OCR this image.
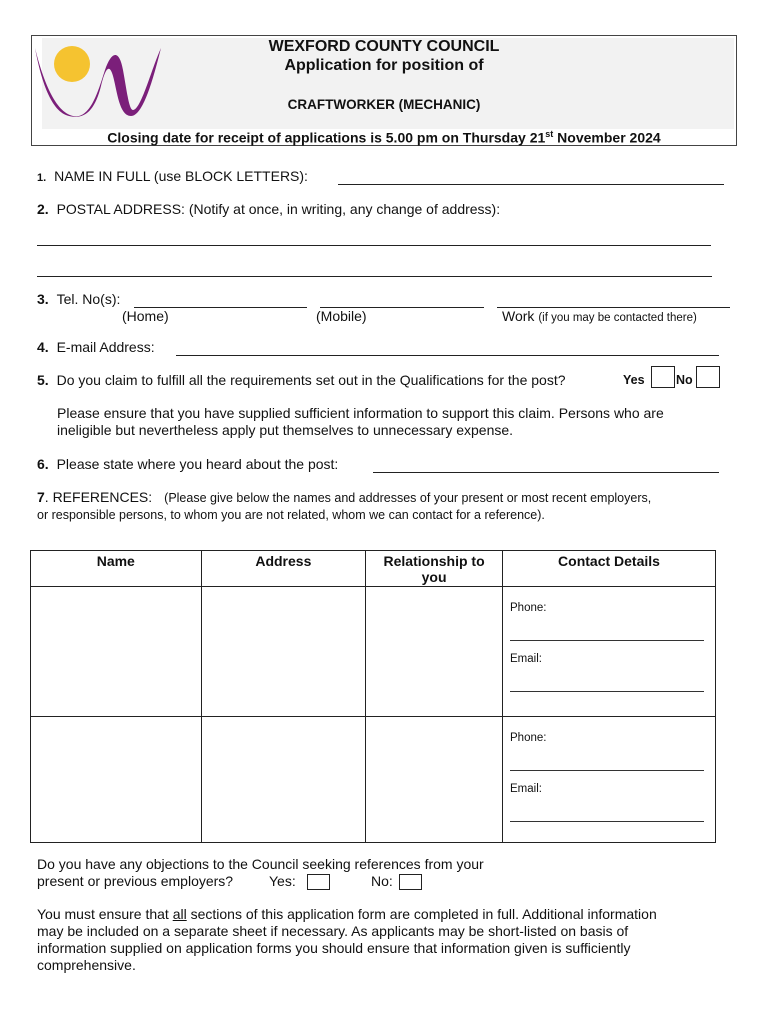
WEXFORD COUNTY COUNCIL
Application for position of
CRAFTWORKER (MECHANIC)
Closing date for receipt of applications is 5.00 pm on Thursday 21st November 2024
1. NAME IN FULL (use BLOCK LETTERS):
2. POSTAL ADDRESS: (Notify at once, in writing, any change of address):
3. Tel. No(s):
(Home)	(Mobile)	Work (if you may be contacted there)
4. E-mail Address:
5. Do you claim to fulfill all the requirements set out in the Qualifications for the post?	Yes	No
Please ensure that you have supplied sufficient information to support this claim. Persons who are
ineligible but nevertheless apply put themselves to unnecessary expense.
6. Please state where you heard about the post:
7. REFERENCES: (Please give below the names and addresses of your present or most recent employers,
or responsible persons, to whom you are not related, whom we can contact for a reference).
Name	Address	Relationship to you	Contact Details

			Phone:
Email:

			Phone:
Email:
Do you have any objections to the Council seeking references from your
present or previous employers?	Yes:	No:
You must ensure that all sections of this application form are completed in full. Additional information
may be included on a separate sheet if necessary. As applicants may be short-listed on basis of
information supplied on application forms you should ensure that information given is sufficiently
comprehensive.
